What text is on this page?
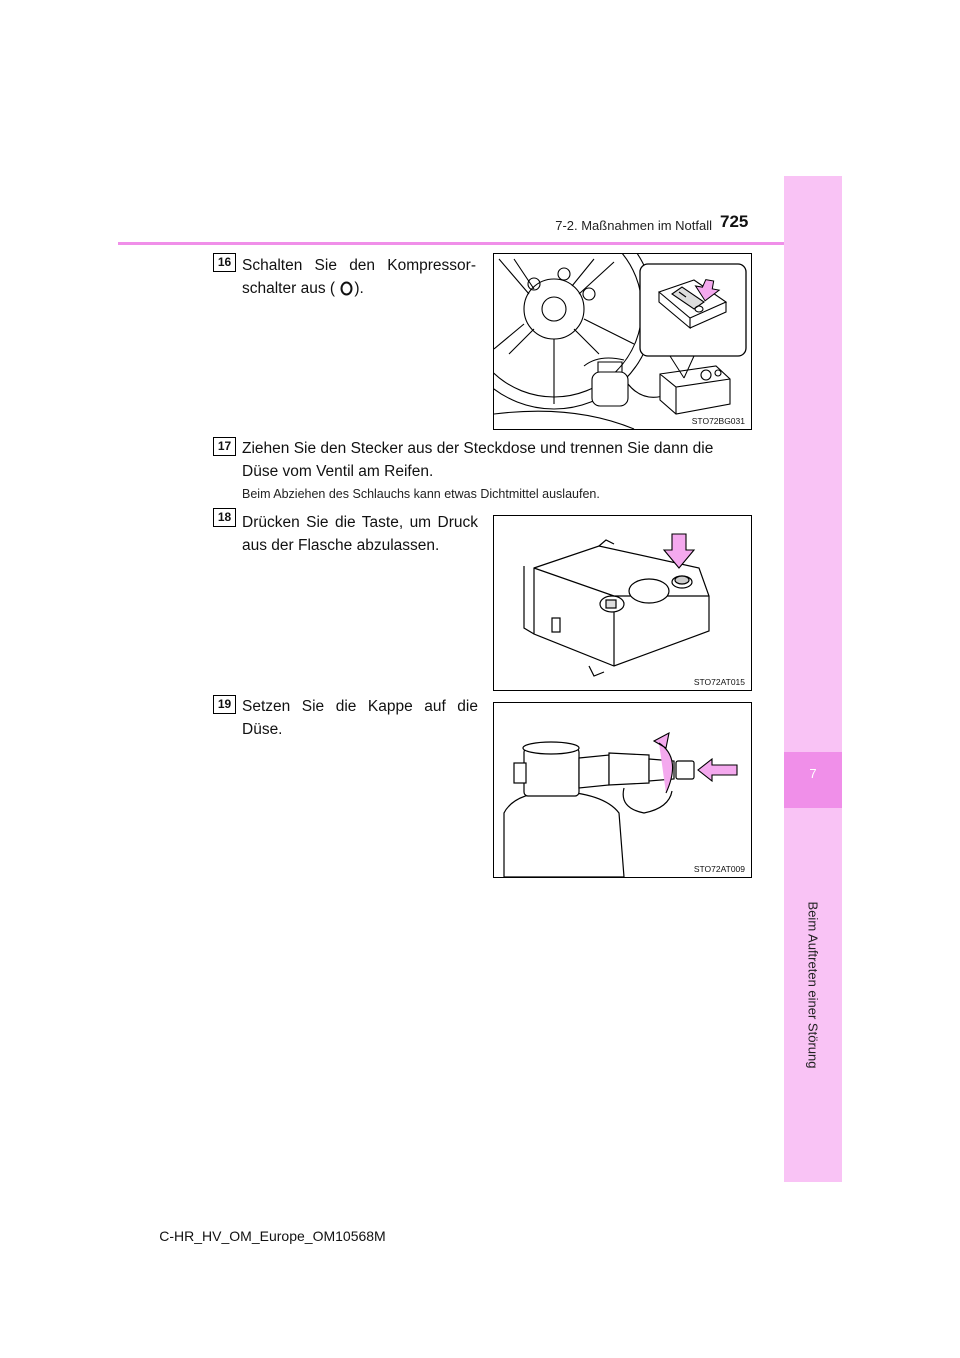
7-2. Maßnahmen im Notfall 725
7
Beim Auftreten einer Störung
16 Schalten Sie den Kompressor-schalter aus ( ).
STO72BG031
17 Ziehen Sie den Stecker aus der Steckdose und trennen Sie dann die Düse vom Ventil am Reifen.
Beim Abziehen des Schlauchs kann etwas Dichtmittel auslaufen.
18 Drücken Sie die Taste, um Druck aus der Flasche abzulassen.
STO72AT015
19 Setzen Sie die Kappe auf die Düse.
STO72AT009
C-HR_HV_OM_Europe_OM10568M
